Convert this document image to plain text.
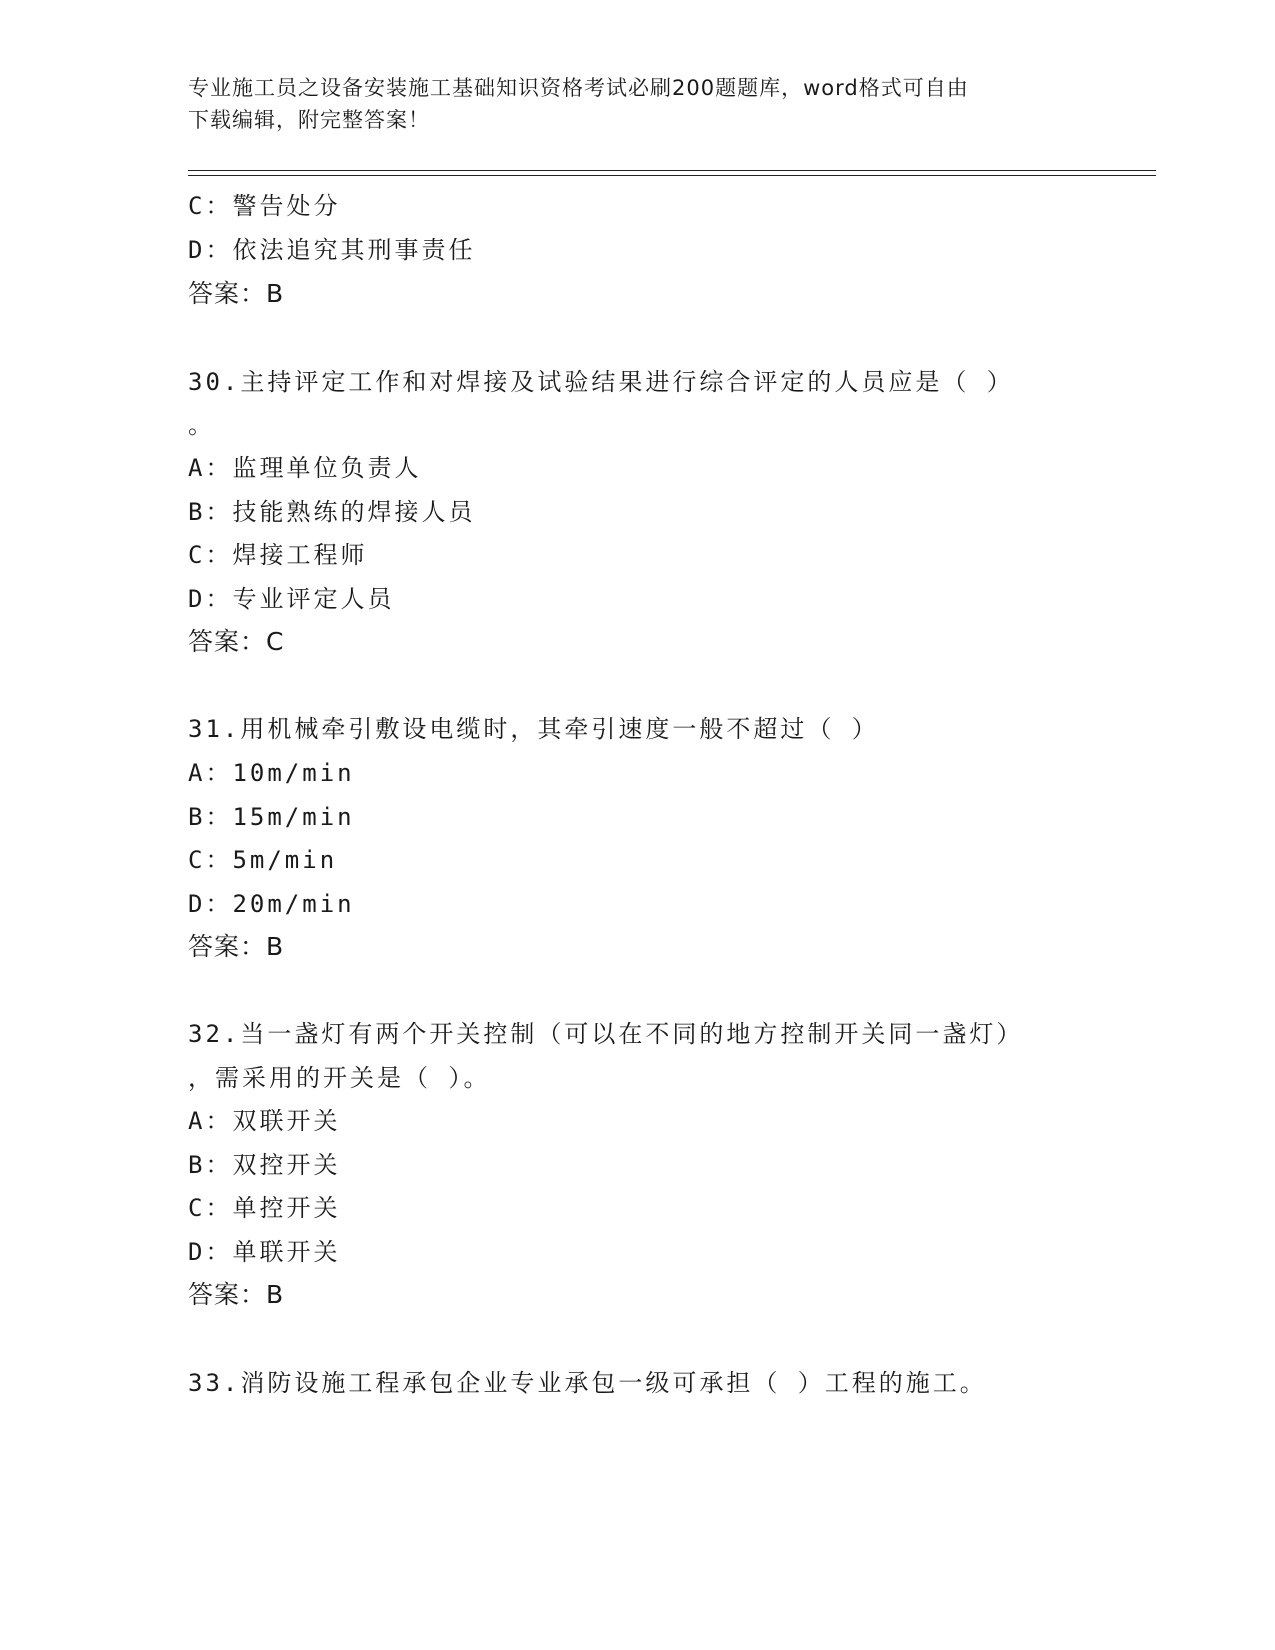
专业施工员之设备安装施工基础知识资格考试必刷200题题库，word格式可自由
下载编辑，附完整答案！
C：警告处分
D：依法追究其刑事责任
答案：B
30.主持评定工作和对焊接及试验结果进行综合评定的人员应是（ ）
。
A：监理单位负责人
B：技能熟练的焊接人员
C：焊接工程师
D：专业评定人员
答案：C
31.用机械牵引敷设电缆时，其牵引速度一般不超过（ ）
A：10m/min
B：15m/min
C：5m/min
D：20m/min
答案：B
32.当一盏灯有两个开关控制（可以在不同的地方控制开关同一盏灯）
，需采用的开关是（ ）。
A：双联开关
B：双控开关
C：单控开关
D：单联开关
答案：B
33.消防设施工程承包企业专业承包一级可承担（ ）工程的施工。
